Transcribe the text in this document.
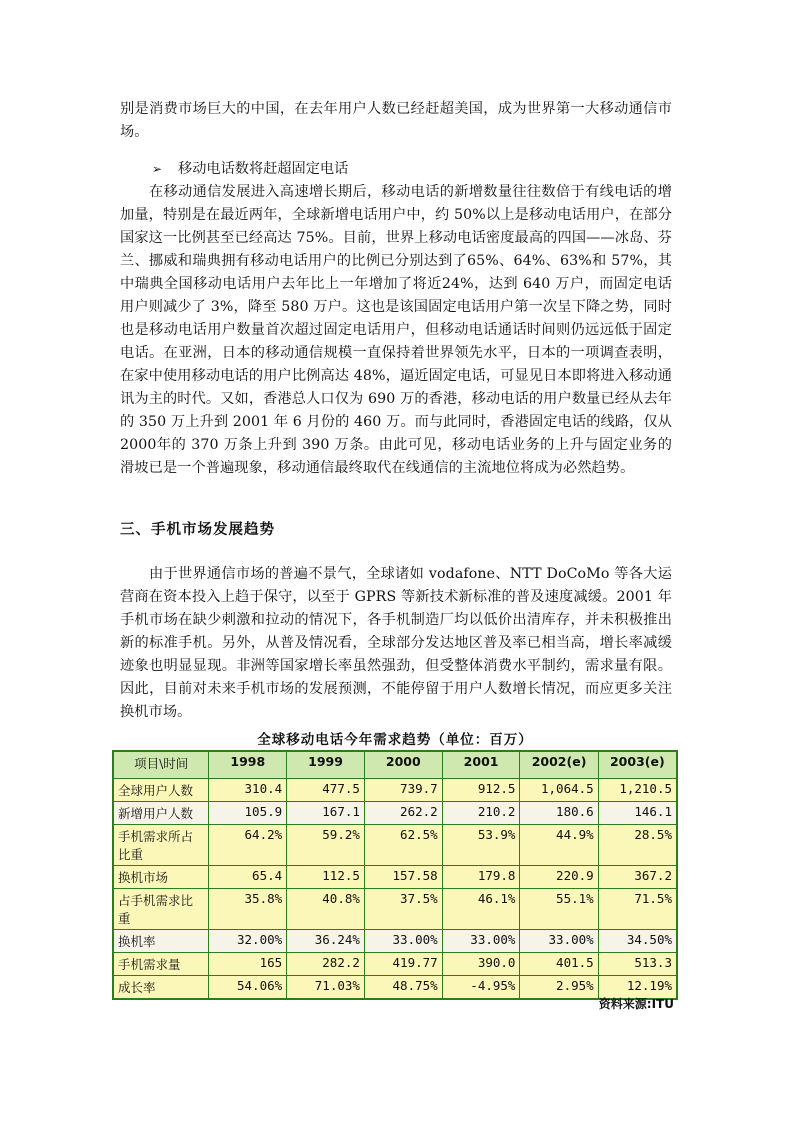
别是消费市场巨大的中国，在去年用户人数已经赶超美国，成为世界第一大移动通信市场。

➢ 移动电话数将赶超固定电话

在移动通信发展进入高速增长期后，移动电话的新增数量往往数倍于有线电话的增加量，特别是在最近两年，全球新增电话用户中，约 50%以上是移动电话用户，在部分国家这一比例甚至已经高达 75%。目前，世界上移动电话密度最高的四国——冰岛、芬兰、挪威和瑞典拥有移动电话用户的比例已分别达到了65%、64%、63%和 57%，其中瑞典全国移动电话用户去年比上一年增加了将近24%，达到 640 万户，而固定电话用户则减少了 3%，降至 580 万户。这也是该国固定电话用户第一次呈下降之势，同时也是移动电话用户数量首次超过固定电话用户，但移动电话通话时间则仍远远低于固定电话。在亚洲，日本的移动通信规模一直保持着世界领先水平，日本的一项调查表明，在家中使用移动电话的用户比例高达 48%，逼近固定电话，可显见日本即将进入移动通讯为主的时代。又如，香港总人口仅为 690 万的香港，移动电话的用户数量已经从去年的 350 万上升到 2001 年 6 月份的 460 万。而与此同时，香港固定电话的线路，仅从 2000年的 370 万条上升到 390 万条。由此可见，移动电话业务的上升与固定业务的滑坡已是一个普遍现象，移动通信最终取代在线通信的主流地位将成为必然趋势。

三、手机市场发展趋势

由于世界通信市场的普遍不景气，全球诸如 vodafone、NTT DoCoMo 等各大运营商在资本投入上趋于保守，以至于 GPRS 等新技术新标准的普及速度减缓。2001 年手机市场在缺少刺激和拉动的情况下，各手机制造厂均以低价出清库存，并未积极推出新的标准手机。另外，从普及情况看，全球部分发达地区普及率已相当高，增长率减缓迹象也明显显现。非洲等国家增长率虽然强劲，但受整体消费水平制约，需求量有限。因此，目前对未来手机市场的发展预测，不能停留于用户人数增长情况，而应更多关注换机市场。

全球移动电话今年需求趋势（单位：百万）
项目\时间	1998	1999	2000	2001	2002(e)	2003(e)
全球用户人数	310.4	477.5	739.7	912.5	1,064.5	1,210.5
新增用户人数	105.9	167.1	262.2	210.2	180.6	146.1
手机需求所占比重	64.2%	59.2%	62.5%	53.9%	44.9%	28.5%
换机市场	65.4	112.5	157.58	179.8	220.9	367.2
占手机需求比重	35.8%	40.8%	37.5%	46.1%	55.1%	71.5%
换机率	32.00%	36.24%	33.00%	33.00%	33.00%	34.50%
手机需求量	165	282.2	419.77	390.0	401.5	513.3
成长率	54.06%	71.03%	48.75%	-4.95%	2.95%	12.19%
资料来源:ITU
